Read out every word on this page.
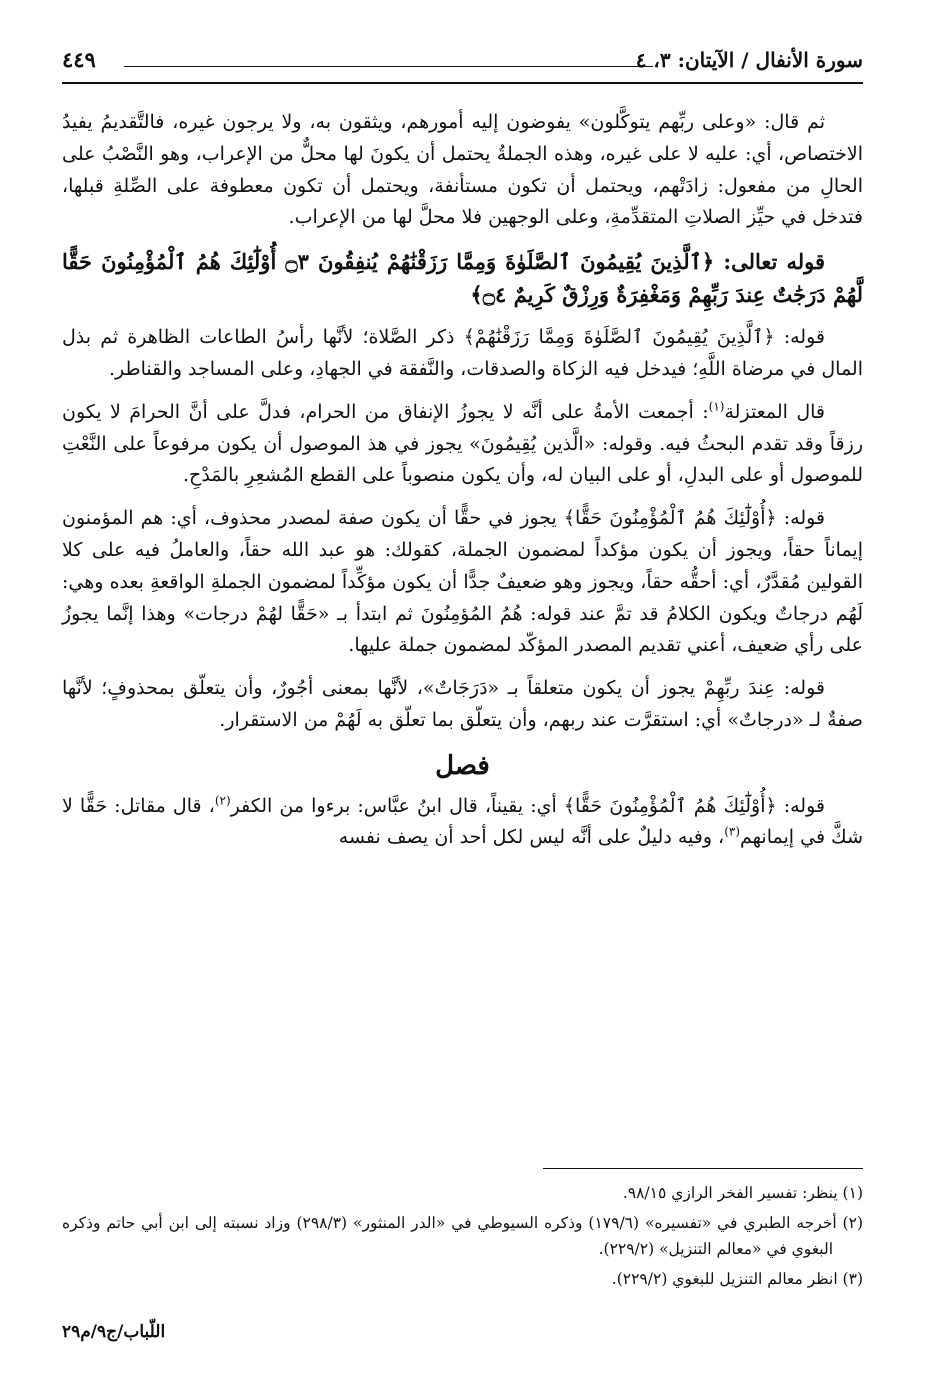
سورة الأنفال / الآيتان: ٣، ٤
٤٤٩

ثم قال: «وعلى ربِّهم يتوكَّلون» يفوضون إليه أمورهم، ويثقون به، ولا يرجون غيره، فالتَّقديمُ يفيدُ الاختصاص، أي: عليه لا على غيره، وهذه الجملةُ يحتمل أن يكونَ لها محلٌّ من الإعراب، وهو النَّصْبُ على الحالِ من مفعول: زادَتْهم، ويحتمل أن تكون مستأنفة، ويحتمل أن تكون معطوفة على الصِّلةِ قبلها، فتدخل في حيِّز الصلاتِ المتقدِّمةِ، وعلى الوجهين فلا محلَّ لها من الإعراب.

قوله تعالى: ﴿ٱلَّذِينَ يُقِيمُونَ ٱلصَّلَوٰةَ وَمِمَّا رَزَقْنَٰهُمْ يُنفِقُونَ ۝٣ أُوْلَٰٓئِكَ هُمُ ٱلْمُؤْمِنُونَ حَقًّا لَّهُمْ دَرَجَٰتٌ عِندَ رَبِّهِمْ وَمَغْفِرَةٌ وَرِزْقٌ كَرِيمٌ ۝٤﴾

قوله: ﴿ٱلَّذِينَ يُقِيمُونَ ٱلصَّلَوٰةَ وَمِمَّا رَزَقْنَٰهُمْ﴾ ذكر الصَّلاة؛ لأنَّها رأسُ الطاعات الظاهرة ثم بذل المال في مرضاة اللَّهِ؛ فيدخل فيه الزكاة والصدقات، والنَّفقة في الجهادِ، وعلى المساجد والقناطر.

قال المعتزلة$^{(١)}$: أجمعت الأمةُ على أنَّه لا يجوزُ الإنفاق من الحرام، فدلَّ على أنَّ الحرامَ لا يكون رزقاً وقد تقدم البحثُ فيه. وقوله: «الَّذين يُقِيمُونَ» يجوز في هذ الموصول أن يكون مرفوعاً على النَّعْتِ للموصول أو على البدلِ، أو على البيان له، وأن يكون منصوباً على القطع المُشعِرِ بالمَدْحِ.

قوله: ﴿أُوْلَٰٓئِكَ هُمُ ٱلْمُؤْمِنُونَ حَقًّا﴾ يجوز في حقًّا أن يكون صفة لمصدر محذوف، أي: هم المؤمنون إيماناً حقاً، ويجوز أن يكون مؤكداً لمضمون الجملة، كقولك: هو عبد الله حقاً، والعاملُ فيه على كلا القولين مُقدَّرٌ، أي: أحقُّه حقاً، ويجوز وهو ضعيفٌ جدًّا أن يكون مؤكِّداً لمضمون الجملةِ الواقعةِ بعده وهي: لَهُم درجاتٌ ويكون الكلامُ قد تمَّ عند قوله: هُمُ المُؤمِنُونَ ثم ابتدأ بـ «حَقًّا لهُمْ درجات» وهذا إنَّما يجوزُ على رأي ضعيف، أعني تقديم المصدر المؤكّد لمضمون جملة عليها.

قوله: عِندَ ربِّهِمْ يجوز أن يكون متعلقاً بـ «دَرَجَاتٌ»، لأنَّها بمعنى أجُورٌ، وأن يتعلّق بمحذوفٍ؛ لأنَّها صفةٌ لـ «درجاتٌ» أي: استقرَّت عند ربهم، وأن يتعلّق بما تعلّق به لَهُمْ من الاستقرار.

فصل

قوله: ﴿أُوْلَٰٓئِكَ هُمُ ٱلْمُؤْمِنُونَ حَقًّا﴾ أي: يقيناً، قال ابنُ عبَّاس: برءوا من الكفر$^{(٢)}$، قال مقاتل: حَقًّا لا شكَّ في إيمانهم$^{(٣)}$، وفيه دليلٌ على أنَّه ليس لكل أحد أن يصف نفسه

(١) ينظر: تفسير الفخر الرازي ٩٨/١٥.

(٢) أخرجه الطبري في «تفسيره» (١٧٩/٦) وذكره السيوطي في «الدر المنثور» (٢٩٨/٣) وزاد نسبته إلى ابن أبي حاتم وذكره البغوي في «معالم التنزيل» (٢٢٩/٢).

(٣) انظر معالم التنزيل للبغوي (٢٢٩/٢).

اللّباب/ج٩/م٢٩
